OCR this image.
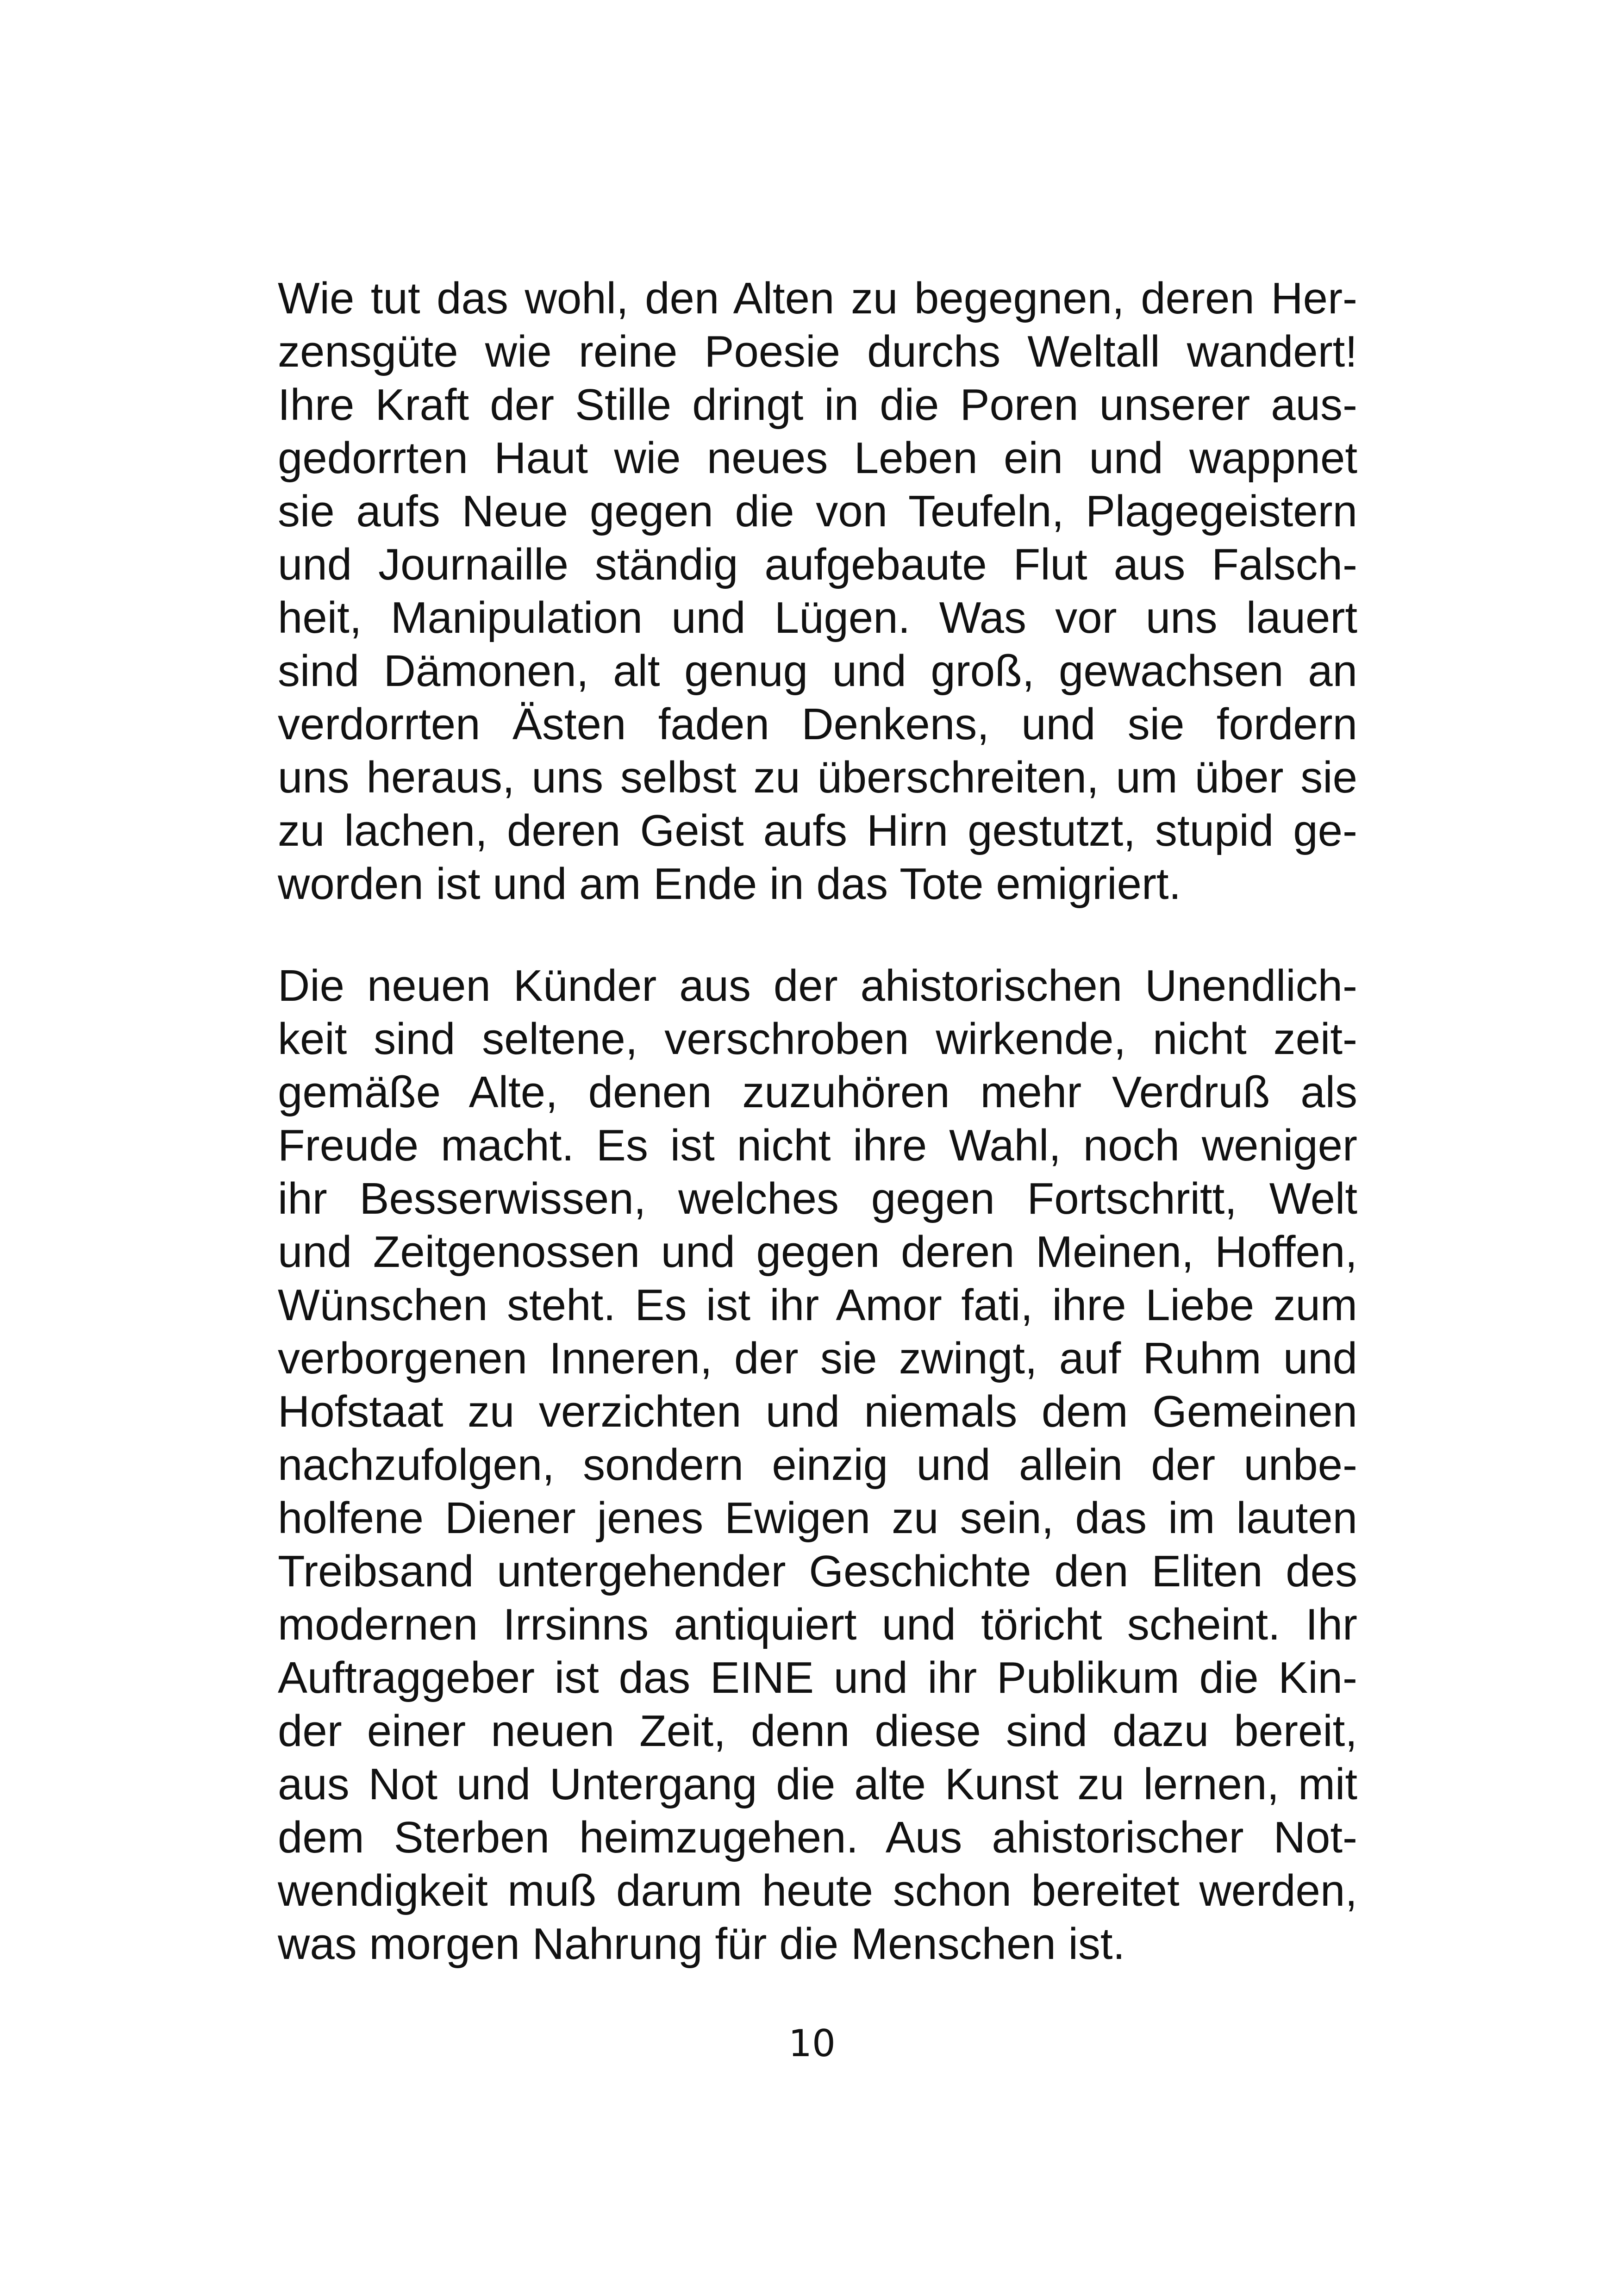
Wie tut das wohl, den Alten zu begegnen, deren Her-
zensgüte wie reine Poesie durchs Weltall wandert!
Ihre Kraft der Stille dringt in die Poren unserer aus-
gedorrten Haut wie neues Leben ein und wappnet
sie aufs Neue gegen die von Teufeln, Plagegeistern
und Journaille ständig aufgebaute Flut aus Falsch-
heit, Manipulation und Lügen. Was vor uns lauert
sind Dämonen, alt genug und groß, gewachsen an
verdorrten Ästen faden Denkens, und sie fordern
uns heraus, uns selbst zu überschreiten, um über sie
zu lachen, deren Geist aufs Hirn gestutzt, stupid ge-
worden ist und am Ende in das Tote emigriert.
Die neuen Künder aus der ahistorischen Unendlich-
keit sind seltene, verschroben wirkende, nicht zeit-
gemäße Alte, denen zuzuhören mehr Verdruß als
Freude macht. Es ist nicht ihre Wahl, noch weniger
ihr Besserwissen, welches gegen Fortschritt, Welt
und Zeitgenossen und gegen deren Meinen, Hoffen,
Wünschen steht. Es ist ihr Amor fati, ihre Liebe zum
verborgenen Inneren, der sie zwingt, auf Ruhm und
Hofstaat zu verzichten und niemals dem Gemeinen
nachzufolgen, sondern einzig und allein der unbe-
holfene Diener jenes Ewigen zu sein, das im lauten
Treibsand untergehender Geschichte den Eliten des
modernen Irrsinns antiquiert und töricht scheint. Ihr
Auftraggeber ist das EINE und ihr Publikum die Kin-
der einer neuen Zeit, denn diese sind dazu bereit,
aus Not und Untergang die alte Kunst zu lernen, mit
dem Sterben heimzugehen. Aus ahistorischer Not-
wendigkeit muß darum heute schon bereitet werden,
was morgen Nahrung für die Menschen ist.
10
